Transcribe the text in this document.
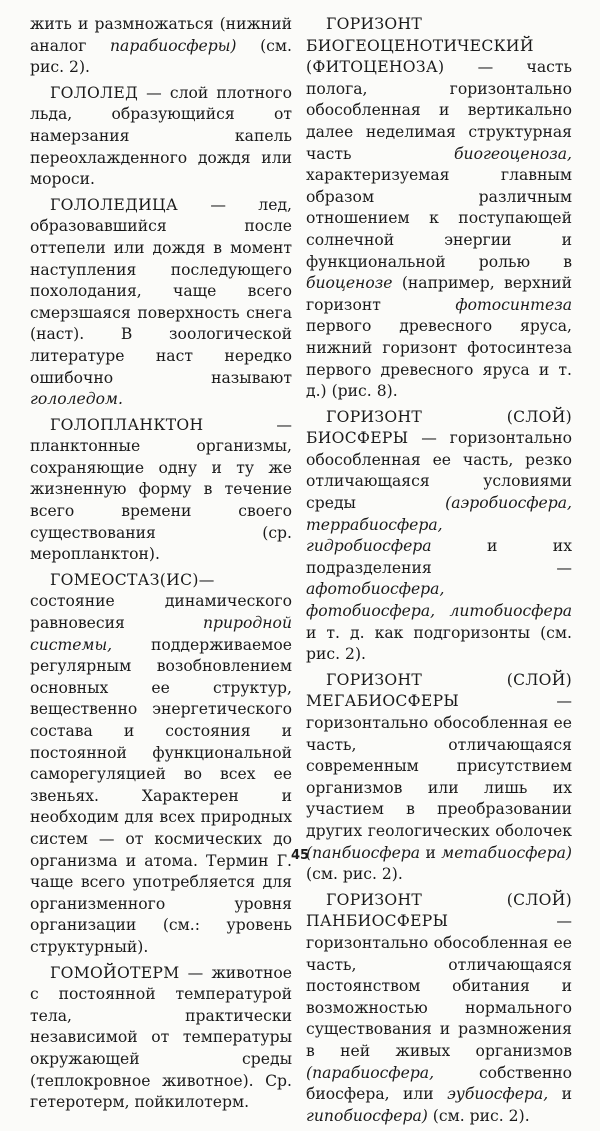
жить и размножаться (нижний аналог парабиосферы) (см. рис. 2).

ГОЛОЛЕД — слой плотного льда, образующийся от намерзания капель переохлажденного дождя или мороси.

ГОЛОЛЕДИЦА — лед, образовавшийся после оттепели или дождя в момент наступления последующего похолодания, чаще всего смерзшаяся поверхность снега (наст). В зоологической литературе наст нередко ошибочно называют гололедом.

ГОЛОПЛАНКТОН — планктонные организмы, сохраняющие одну и ту же жизненную форму в течение всего времени своего существования (ср. меропланктон).

ГОМЕОСТАЗ(ИС)— состояние динамического равновесия природной системы, поддерживаемое регулярным возобновлением основных ее структур, вещественно энергетического состава и состояния и постоянной функциональной саморегуляцией во всех ее звеньях. Характерен и необходим для всех природных систем — от космических до организма и атома. Термин Г. чаще всего употребляется для организменного уровня организации (см.: уровень структурный).

ГОМОЙОТЕРМ — животное с постоянной температурой тела, практически независимой от температуры окружающей среды (теплокровное животное). Ср. гетеротерм, пойкилотерм.

ГОРИЗОНТ БИОГЕОЦЕНОТИЧЕСКИЙ (ФИТОЦЕНОЗА) — часть полога, горизонтально обособленная и вертикально далее неделимая структурная часть биогеоценоза, характеризуемая главным образом различным отношением к поступающей солнечной энергии и функциональной ролью в биоценозе (например, верхний горизонт фотосинтеза первого древесного яруса, нижний горизонт фотосинтеза первого древесного яруса и т. д.) (рис. 8).

ГОРИЗОНТ (СЛОЙ) БИОСФЕРЫ — горизонтально обособленная ее часть, резко отличающаяся условиями среды (аэробиосфера, террабиосфера, гидробиосфера и их подразделения — афотобиосфера, фотобиосфера, литобиосфера и т. д. как подгоризонты (см. рис. 2).

ГОРИЗОНТ (СЛОЙ) МЕГАБИОСФЕРЫ — горизонтально обособленная ее часть, отличающаяся современным присутствием организмов или лишь их участием в преобразовании других геологических оболочек (панбиосфера и метабиосфера) (см. рис. 2).

ГОРИЗОНТ (СЛОЙ) ПАНБИОСФЕРЫ — горизонтально обособленная ее часть, отличающаяся постоянством обитания и возможностью нормального существования и размножения в ней живых организмов (парабиосфера, собственно биосфера, или эубиосфера, и гипобиосфера) (см. рис. 2).

45
